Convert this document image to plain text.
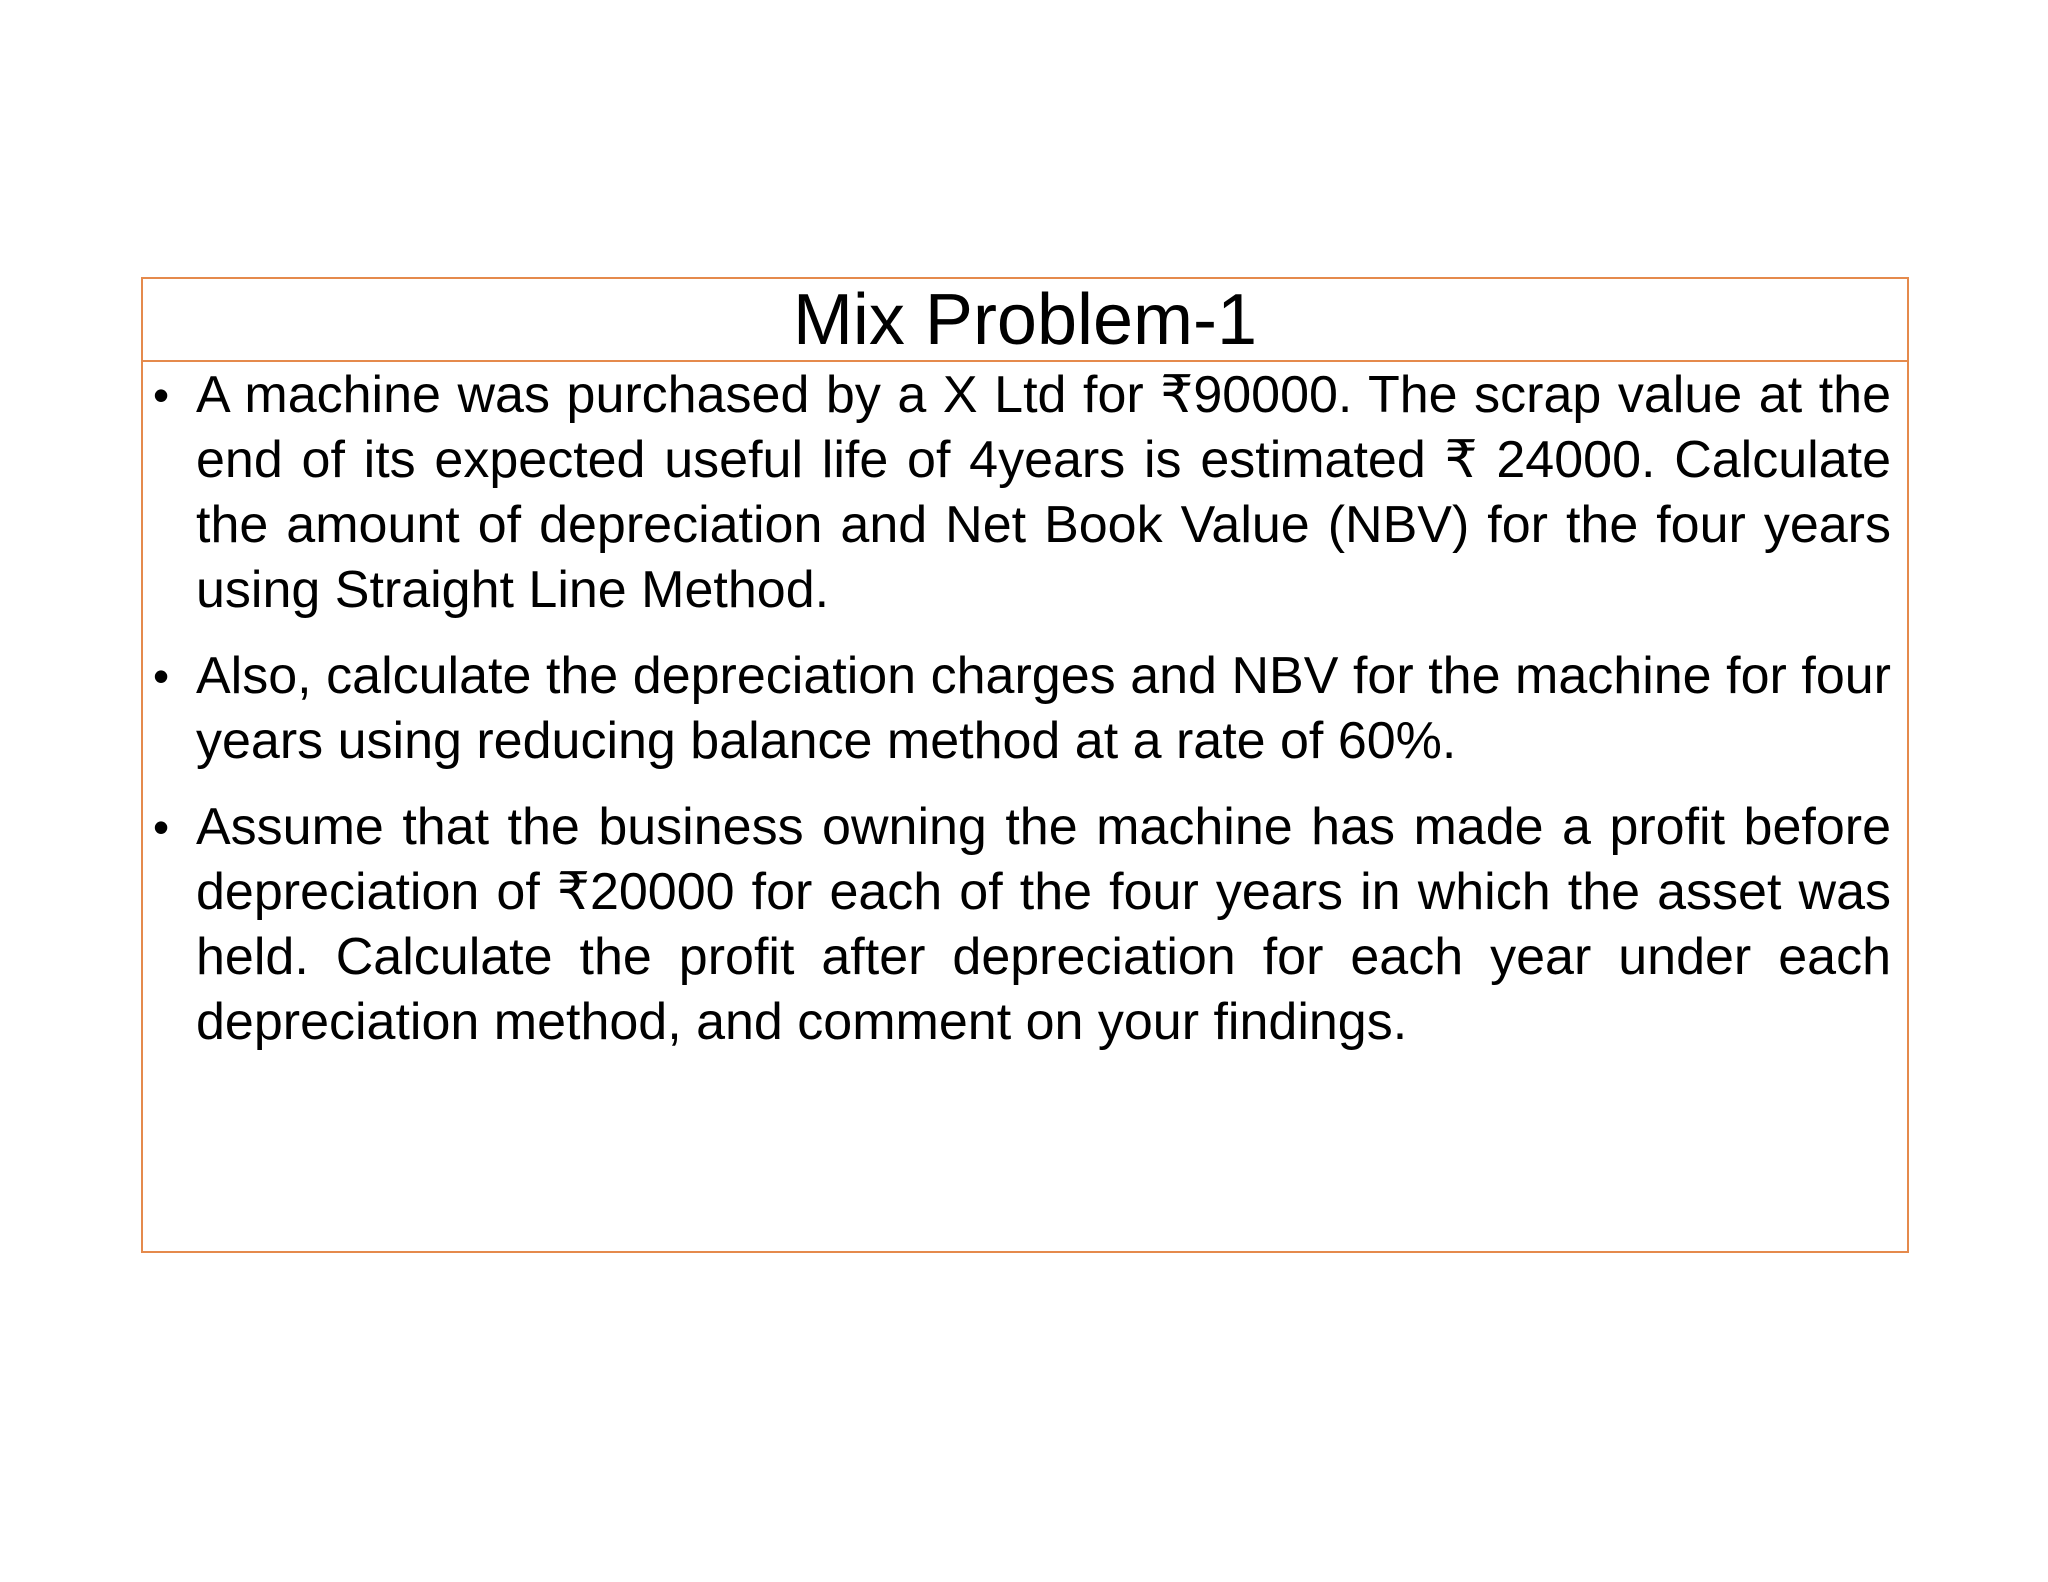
Mix Problem-1
• A machine was purchased by a X Ltd for ₹90000. The scrap value at the end of its expected useful life of 4years is estimated ₹ 24000. Calculate the amount of depreciation and Net Book Value (NBV) for the four years using Straight Line Method.
• Also, calculate the depreciation charges and NBV for the machine for four years using reducing balance method at a rate of 60%.
• Assume that the business owning the machine has made a profit before depreciation of ₹20000 for each of the four years in which the asset was held. Calculate the profit after depreciation for each year under each depreciation method, and comment on your findings.
